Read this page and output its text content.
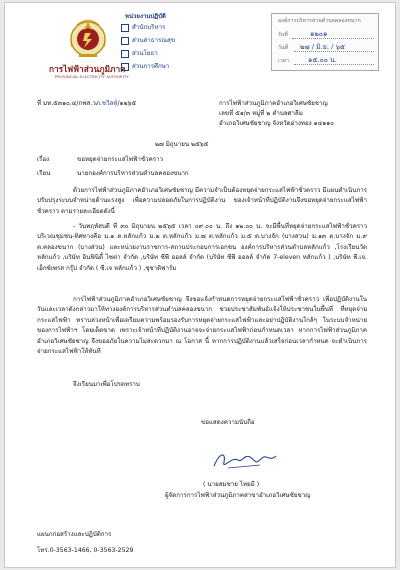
การไฟฟ้าส่วนภูมิภาค
PROVINCIAL ELECTRICITY AUTHORITY
หน่วยงานปฏิบัติ
สำนักบริหาร
ส่วนสาธารณสุข
ส่วนโยธา
ส่วนการศึกษา
องค์การบริหารส่วนตำบลคลองขนาก
รับที่	๑๒๐๑
วันที่ ๒๗ / มิ.ย. / ๖๕
เวลา	๑๕.๐๐ น.
ที่ มท.๕๓๑๐.๔/กฟส.วภ.ชวิลห์/๑๒๖๕	การไฟฟ้าส่วนภูมิภาคอำเภอวิเศษชัยชาญ
เลขที่ ๕๑/๓ หมู่ที่ ๒ ตำบลศาลีม
อำเภอวิเศษชัยชาญ จังหวัดอ่างทอง ๑๔๑๑๐
๒๗ มิถุนายน ๒๕๖๕
เรื่อง	ขอหยุดจ่ายกระแสไฟฟ้าชั่วคราว
เรียน	นายกองค์การบริหารส่วนตำบลคลองขนาก
ด้วยการไฟฟ้าส่วนภูมิภาคอำเภอวิเศษชัยชาญ มีความจำเป็นต้องหยุดจ่ายกระแสไฟฟ้าชั่วคราว มีแผนดำเนินการปรับปรุงระบบจำหน่ายด้านแรงสูง เพื่อความปลอดภัยในการปฏิบัติงาน ของเจ้าหน้าที่ปฏิบัติงานจึงขอหยุดจ่ายกระแสไฟฟ้าชั่วคราว ตามรายละเอียดดังนี้
- วันพฤหัสบดี ที่ ๓๐ มิถุนายน ๒๕๖๕ เวลา ๐๙.๐๐ น. ถึง ๑๒.๐๐ น. จะมีพื้นที่หยุดจ่ายกระแสไฟฟ้าชั่วคราว บริเวณชุมชน-ทิศทางคือ ม.๑ ต.หลักแก้ว ม.๒ ต.หลักแก้ว ม.๗ ต.หลักแก้ว ม.๕ ต.บางจัก (บางสวน) ม.๑๓ ต.บางจัก ม.๙ ต.คลองขนาก (บางส่วน) และหน่วยงานราชการ-สถานประกอบการเอกชน องค์การบริหารส่วนตำบลหลักแก้ว ,โรงเรียนวัดหลักแก้ว ,บริษัท อินฟินิตี้ ไซต่า จำกัด ,บริษัท ซีพี ออลล์ จำกัด (บริษัท ซีพี ออลล์ จำกัด 7-eleven หลักแก้ว ) ,บริษัท พี.เจ. เอ็กซ์เพรส กรุ๊ป จำกัด ( ซี.เจ หลักแก้ว ) ,ชุชาติฟาร์ม
การไฟฟ้าส่วนภูมิภาคอำเภอวิเศษชัยชาญ จึงขอแจ้งกำหนดการหยุดจ่ายกระแสไฟฟ้าชั่วคราว เพื่อปฏิบัติงานในวันและเวลาดังกล่าวมาให้ทางองค์การบริหารส่วนตำบลคลองขนาก ช่วยประชาสัมพันธ์แจ้งให้ประชาชนในพื้นที่ ที่หยุดจ่ายกระแสไฟฟ้า ทราบล่วงหน้าเพื่อเตรียมความพร้อมรองรับการหยุดจ่ายกระแสไฟฟ้าและอย่าปฏิบัติงานใกล้ๆ ในระบบจำหน่ายของการไฟฟ้าฯ โดยเด็ดขาด เพราะเจ้าหน้าที่ปฏิบัติงานอาจจะจ่ายกระแสไฟฟ้าก่อนกำหนดเวลา หากการไฟฟ้าส่วนภูมิภาคอำเภอวิเศษชัยชาญ จึงขออภัยในความไม่สะดวกมา ณ โอกาส นี้ หากการปฏิบัติงานแล้วเสร็จก่อนเวลากำหนด จะดำเนินการจ่ายกระแสไฟฟ้าให้ทันที
จึงเรียนมาเพื่อโปรดทราบ
ขอแสดงความนับถือ
( นายสมชาย ไทยมี )
ผู้จัดการการไฟฟ้าส่วนภูมิภาคสาขาอำเภอวิเศษชัยชาญ
แผนกก่อสร้างและปฏิบัติการ
โทร.0-3563-1466, 0-3563-2529
